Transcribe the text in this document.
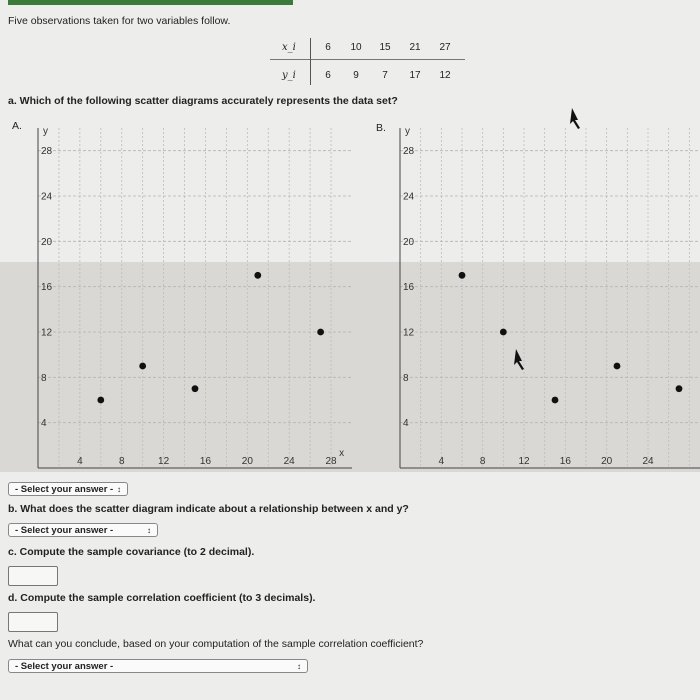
Five observations taken for two variables follow.
x_i	6	10	15	21	27
y_i	6	9	7	17	12
a. Which of the following scatter diagrams accurately represents the data set?
A.	B.
4
8
12
16
20
24
28
4	8	12	16	20	24	28
y
x
4
8
12
16
20
24
28
4	8	12	16	20	24
y
- Select your answer - ↕
b. What does the scatter diagram indicate about a relationship between x and y?
- Select your answer -	↕
c. Compute the sample covariance (to 2 decimal).
d. Compute the sample correlation coefficient (to 3 decimals).
What can you conclude, based on your computation of the sample correlation coefficient?
- Select your answer -	↕
